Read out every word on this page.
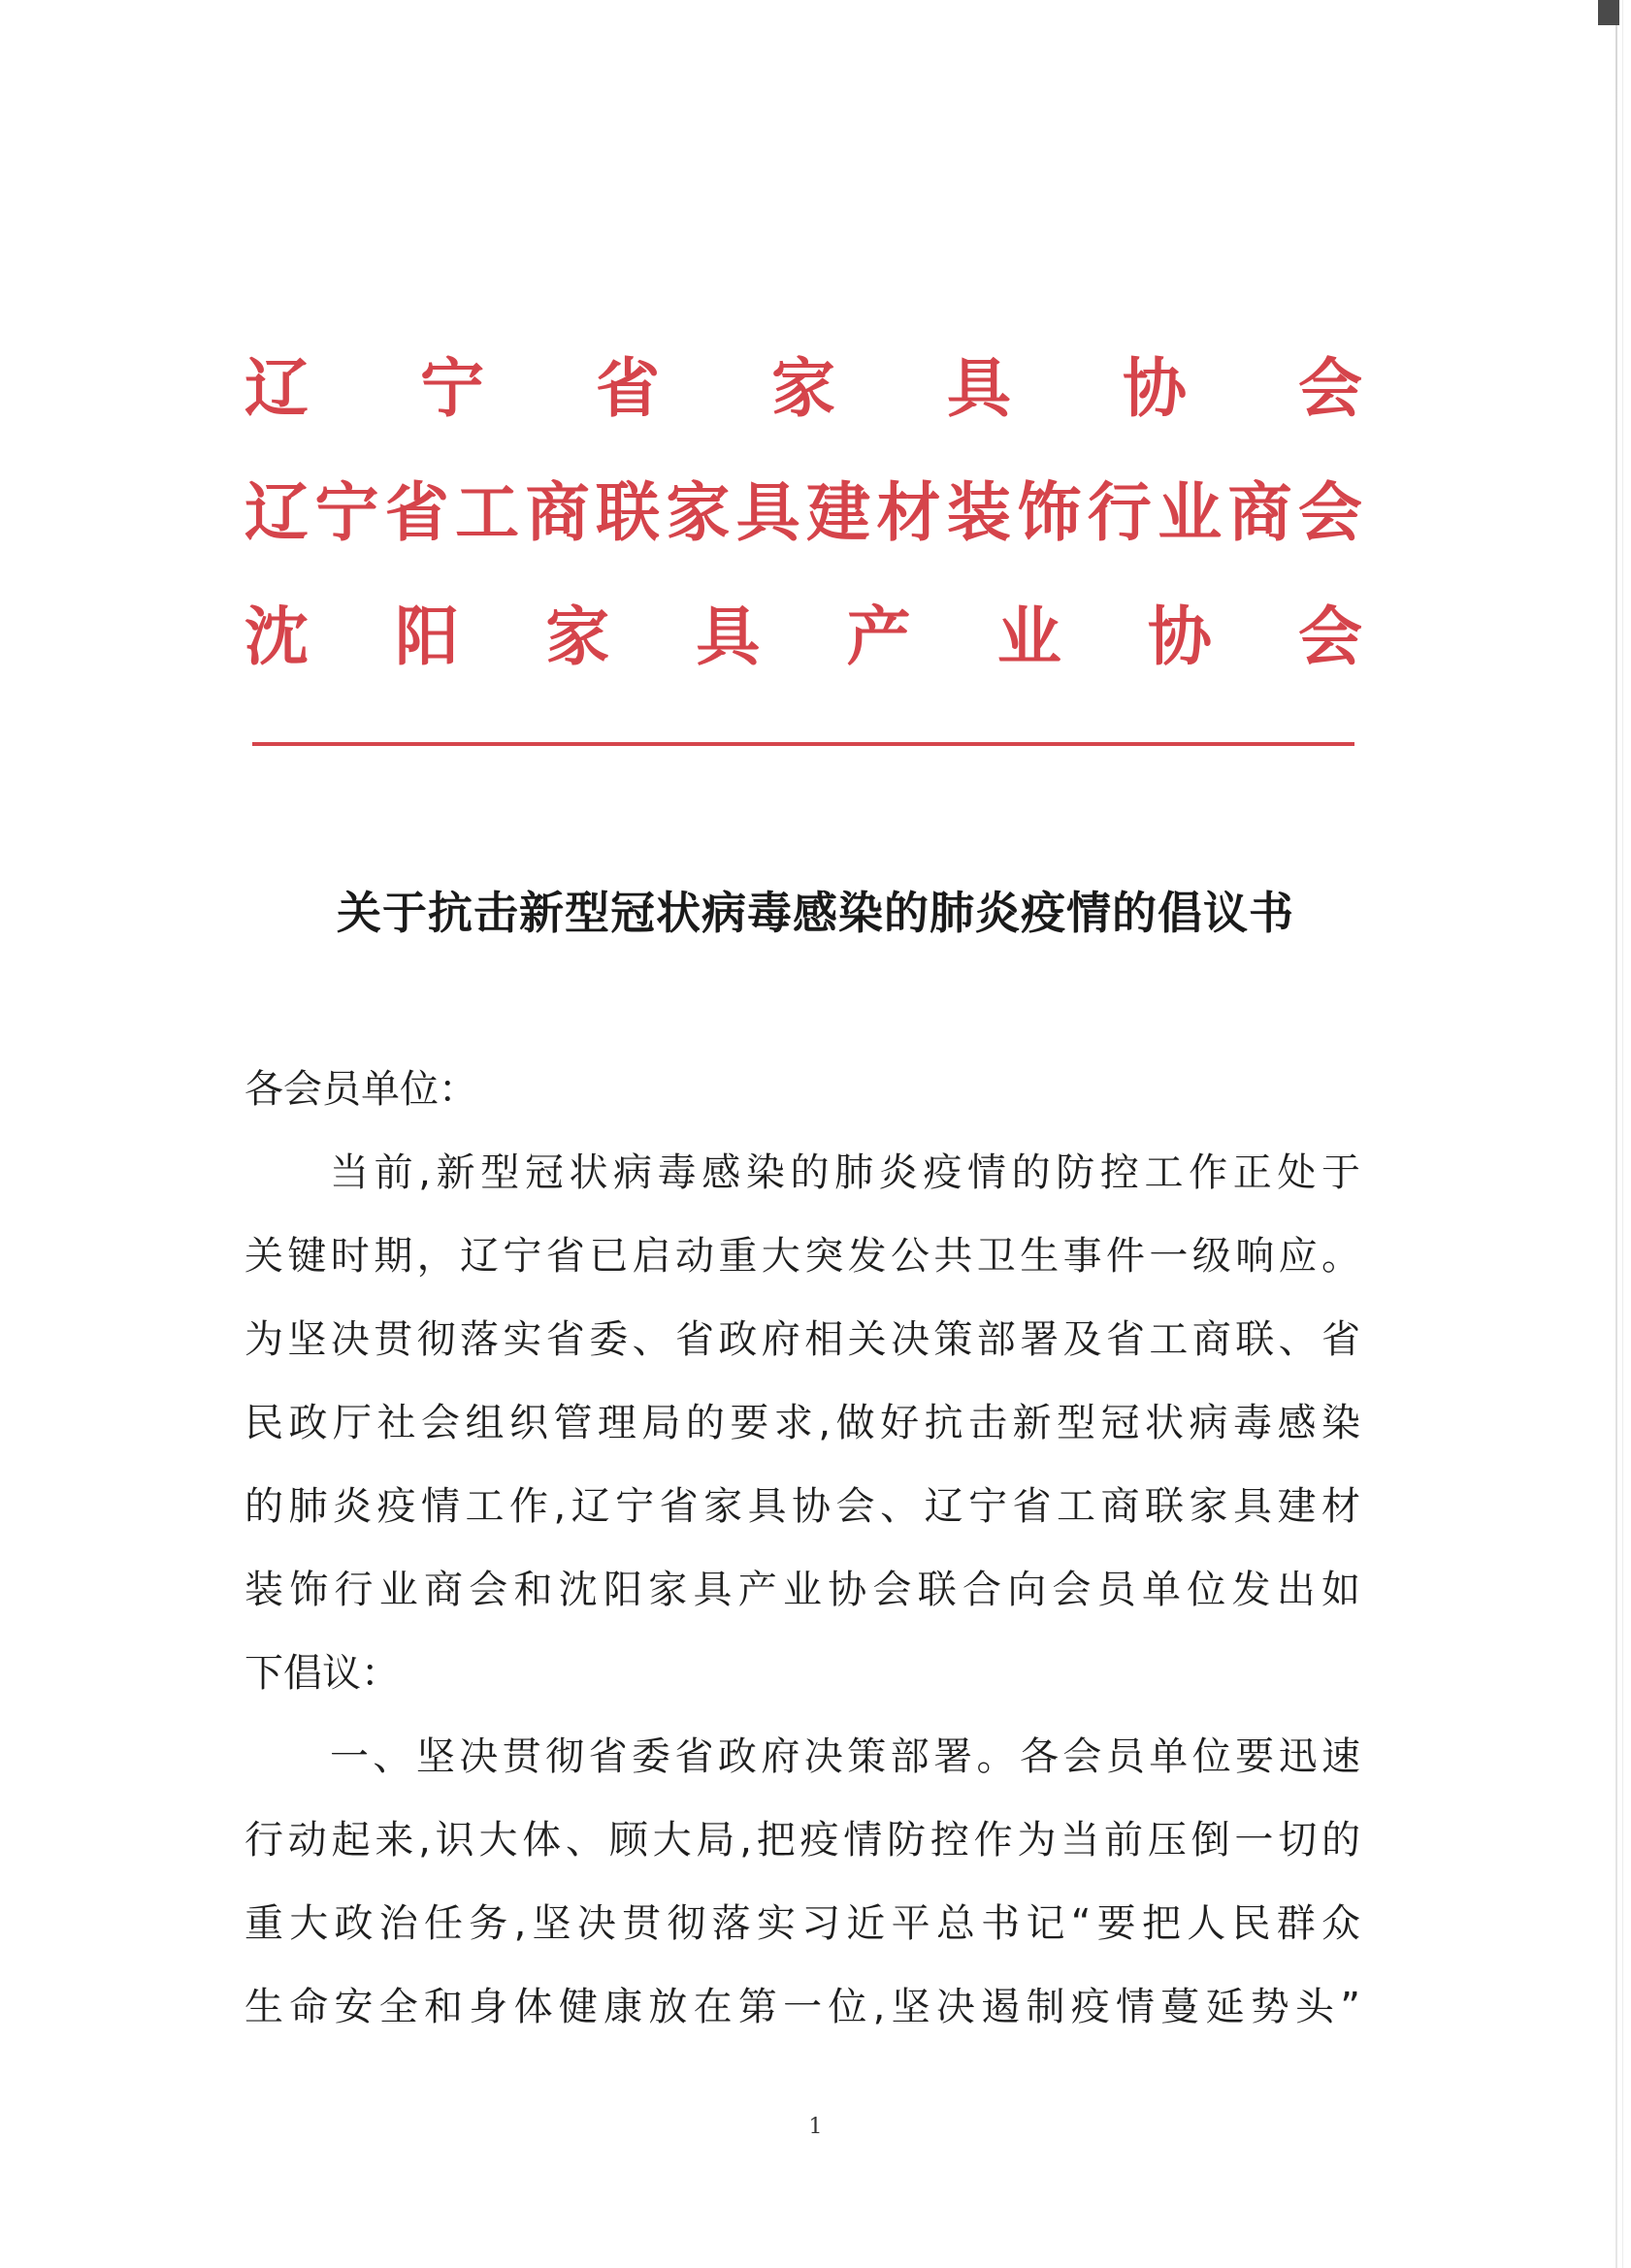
辽 宁 省 家 具 协 会
辽 宁 省 工 商 联 家 具 建 材 装 饰 行 业 商 会
沈 阳 家 具 产 业 协 会
关于抗击新型冠状病毒感染的肺炎疫情的倡议书
各会员单位：
当前,新型冠状病毒感染的肺炎疫情的防控工作正处于
关键时期，辽宁省已启动重大突发公共卫生事件一级响应。
为坚决贯彻落实省委、省政府相关决策部署及省工商联、省
民政厅社会组织管理局的要求,做好抗击新型冠状病毒感染
的肺炎疫情工作,辽宁省家具协会、辽宁省工商联家具建材
装饰行业商会和沈阳家具产业协会联合向会员单位发出如
下倡议：
一、坚决贯彻省委省政府决策部署。各会员单位要迅速
行动起来,识大体、顾大局,把疫情防控作为当前压倒一切的
重大政治任务,坚决贯彻落实习近平总书记“要把人民群众
生命安全和身体健康放在第一位,坚决遏制疫情蔓延势头”
1
